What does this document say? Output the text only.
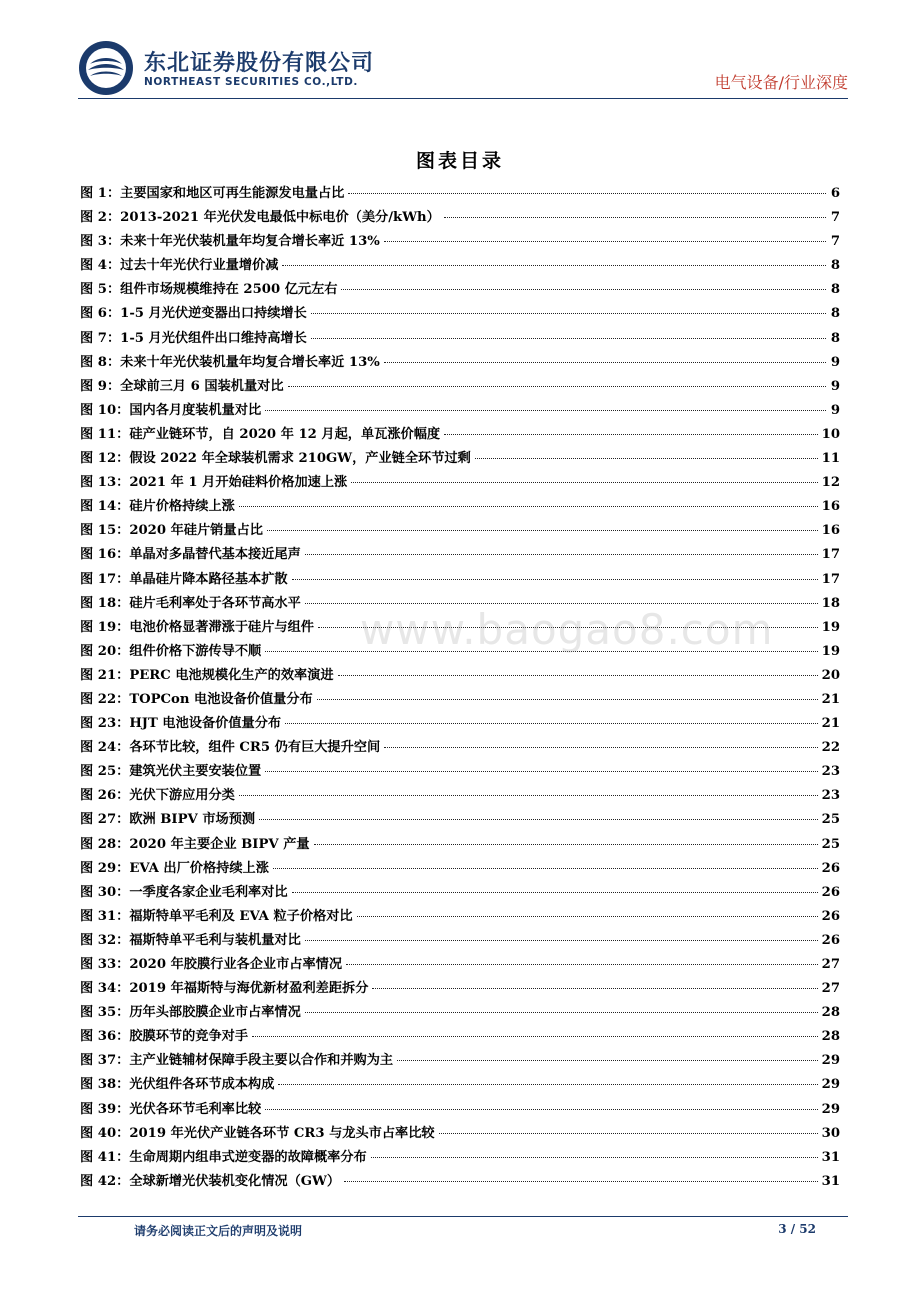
东北证券股份有限公司
NORTHEAST SECURITIES CO.,LTD.	电气设备/行业深度
图表目录
图 1：主要国家和地区可再生能源发电量占比	6
图 2：2013-2021 年光伏发电最低中标电价（美分/kWh）	7
图 3：未来十年光伏装机量年均复合增长率近 13%	7
图 4：过去十年光伏行业量增价减	8
图 5：组件市场规模维持在 2500 亿元左右	8
图 6：1-5 月光伏逆变器出口持续增长	8
图 7：1-5 月光伏组件出口维持高增长	8
图 8：未来十年光伏装机量年均复合增长率近 13%	9
图 9：全球前三月 6 国装机量对比	9
图 10：国内各月度装机量对比	9
图 11：硅产业链环节，自 2020 年 12 月起，单瓦涨价幅度	10
图 12：假设 2022 年全球装机需求 210GW，产业链全环节过剩	11
图 13：2021 年 1 月开始硅料价格加速上涨	12
图 14：硅片价格持续上涨	16
图 15：2020 年硅片销量占比	16
图 16：单晶对多晶替代基本接近尾声	17
图 17：单晶硅片降本路径基本扩散	17
图 18：硅片毛利率处于各环节高水平	18
图 19：电池价格显著滞涨于硅片与组件	19
图 20：组件价格下游传导不顺	19
图 21：PERC 电池规模化生产的效率演进	20
图 22：TOPCon 电池设备价值量分布	21
图 23：HJT 电池设备价值量分布	21
图 24：各环节比较，组件 CR5 仍有巨大提升空间	22
图 25：建筑光伏主要安装位置	23
图 26：光伏下游应用分类	23
图 27：欧洲 BIPV 市场预测	25
图 28：2020 年主要企业 BIPV 产量	25
图 29：EVA 出厂价格持续上涨	26
图 30：一季度各家企业毛利率对比	26
图 31：福斯特单平毛利及 EVA 粒子价格对比	26
图 32：福斯特单平毛利与装机量对比	26
图 33：2020 年胶膜行业各企业市占率情况	27
图 34：2019 年福斯特与海优新材盈利差距拆分	27
图 35：历年头部胶膜企业市占率情况	28
图 36：胶膜环节的竞争对手	28
图 37：主产业链辅材保障手段主要以合作和并购为主	29
图 38：光伏组件各环节成本构成	29
图 39：光伏各环节毛利率比较	29
图 40：2019 年光伏产业链各环节 CR3 与龙头市占率比较	30
图 41：生命周期内组串式逆变器的故障概率分布	31
图 42：全球新增光伏装机变化情况（GW）	31
www.baogao8.com
请务必阅读正文后的声明及说明	3 / 52
